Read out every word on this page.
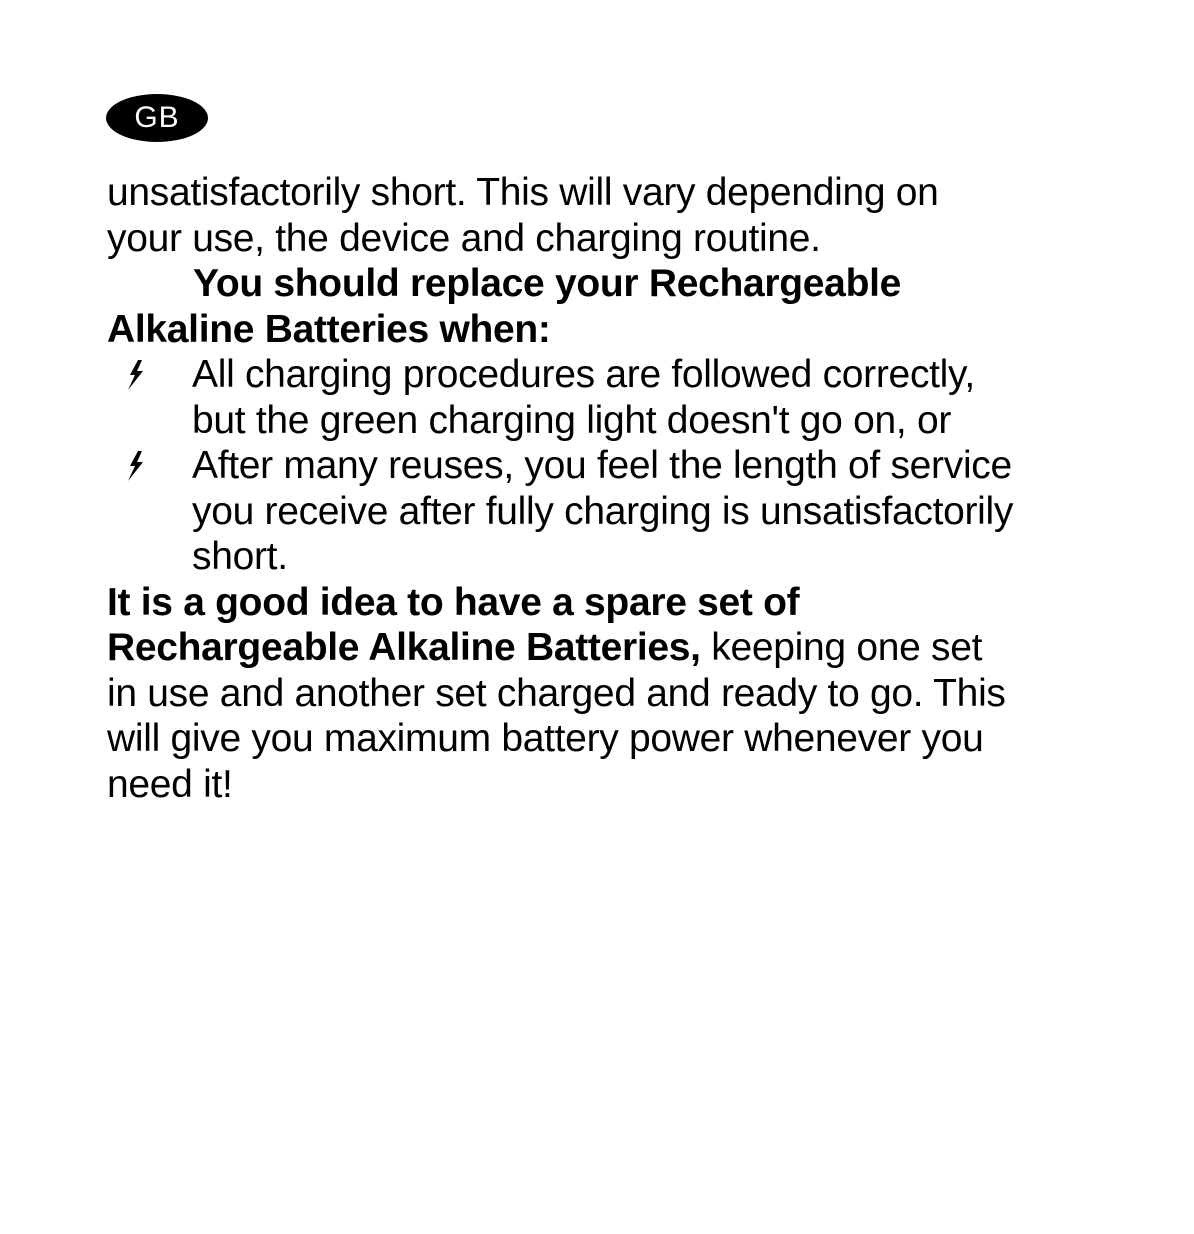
GB

unsatisfactorily short. This will vary depending on

your use, the device and charging routine.

You should replace your Rechargeable

Alkaline Batteries when:

All charging procedures are followed correctly,

but the green charging light doesn't go on, or

After many reuses, you feel the length of service

you receive after fully charging is unsatisfactorily

short.

It is a good idea to have a spare set of

Rechargeable Alkaline Batteries, keeping one set

in use and another set charged and ready to go. This

will give you maximum battery power whenever you

need it!
